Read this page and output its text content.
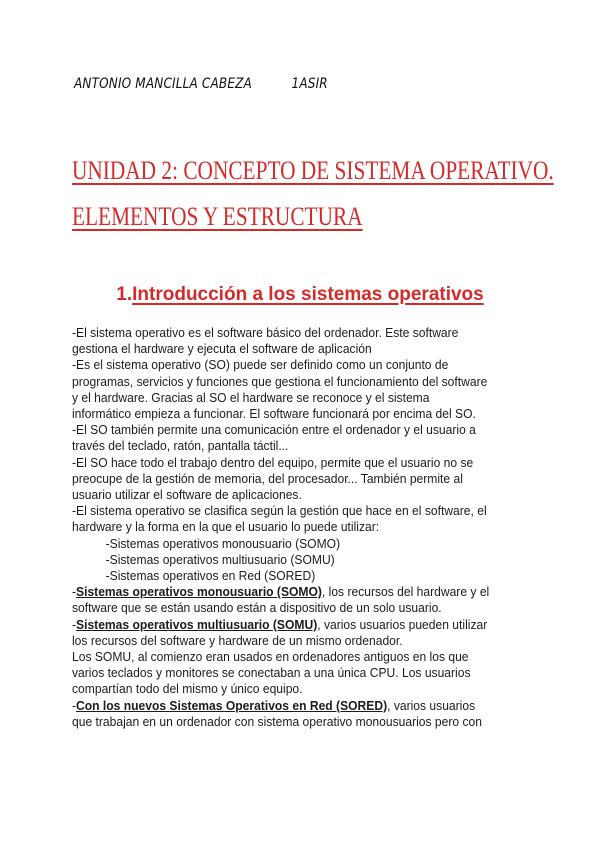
ANTONIO MANCILLA CABEZA	1ASIR
UNIDAD 2: CONCEPTO DE SISTEMA OPERATIVO.
ELEMENTOS Y ESTRUCTURA
1.Introducción a los sistemas operativos

-El sistema operativo es el software básico del ordenador. Este software

gestiona el hardware y ejecuta el software de aplicación

-Es el sistema operativo (SO) puede ser definido como un conjunto de

programas, servicios y funciones que gestiona el funcionamiento del software

y el hardware. Gracias al SO el hardware se reconoce y el sistema

informático empieza a funcionar. El software funcionará por encima del SO.

-El SO también permite una comunicación entre el ordenador y el usuario a

través del teclado, ratón, pantalla táctil...

-El SO hace todo el trabajo dentro del equipo, permite que el usuario no se

preocupe de la gestión de memoria, del procesador... También permite al

usuario utilizar el software de aplicaciones.

-El sistema operativo se clasifica según la gestión que hace en el software, el

hardware y la forma en la que el usuario lo puede utilizar:

-Sistemas operativos monousuario (SOMO)

-Sistemas operativos multiusuario (SOMU)

-Sistemas operativos en Red (SORED)

-Sistemas operativos monousuario (SOMO), los recursos del hardware y el

software que se están usando están a dispositivo de un solo usuario.

-Sistemas operativos multiusuario (SOMU), varios usuarios pueden utilizar

los recursos del software y hardware de un mismo ordenador.

Los SOMU, al comienzo eran usados en ordenadores antiguos en los que

varios teclados y monitores se conectaban a una única CPU. Los usuarios

compartían todo del mismo y único equipo.

-Con los nuevos Sistemas Operativos en Red (SORED), varios usuarios

que trabajan en un ordenador con sistema operativo monousuarios pero con
